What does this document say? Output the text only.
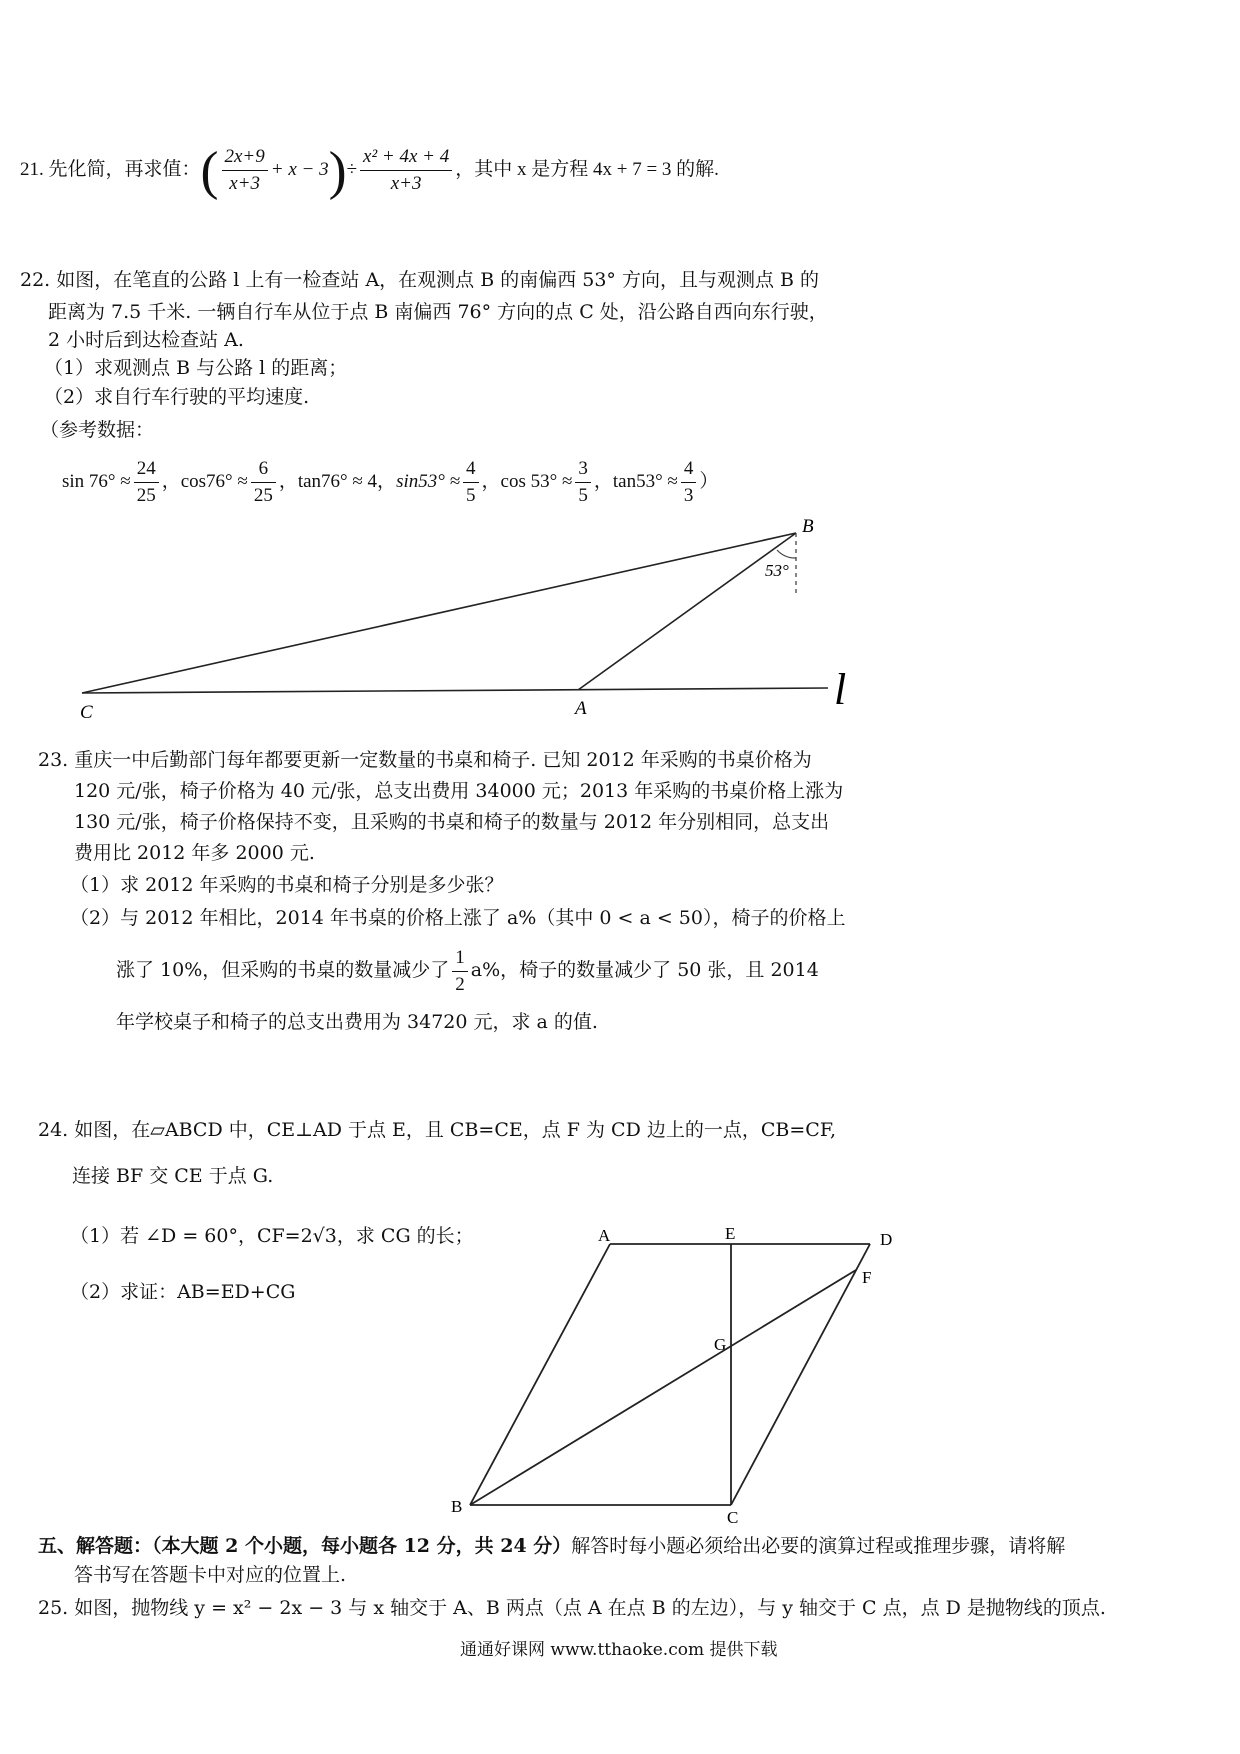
21. 先化简，再求值：( $\frac{2x+9}{x+3} + x - 3)\div \frac{\text{x² + 4x + 4}}{x+3}$ ，其中 x 是方程 4x + 7 = 3 的解.
22. 如图，在笔直的公路 l 上有一检查站 A，在观测点 B 的南偏西 53° 方向，且与观测点 B 的
距离为 7.5 千米. 一辆自行车从位于点 B 南偏西 76° 方向的点 C 处，沿公路自西向东行驶，
2 小时后到达检查站 A.
（1）求观测点 B 与公路 l 的距离；
（2）求自行车行驶的平均速度.
（参考数据：
$\sin 76^\circ \approx \frac{24}{25}$ ，$\cos 76^\circ \approx \frac{6}{25}$ ，tan76° ≈ 4，$\sin 53^\circ \approx \frac{4}{5}$ ，$\cos 53^\circ \approx \frac{3}{5}$ ，$\tan 53^\circ \approx \frac{4}{3}$ ）
B
53°
A
C	l
A	E	D
F
G
B
C
23. 重庆一中后勤部门每年都要更新一定数量的书桌和椅子. 已知 2012 年采购的书桌价格为
120 元/张，椅子价格为 40 元/张，总支出费用 34000 元；2013 年采购的书桌价格上涨为
130 元/张，椅子价格保持不变，且采购的书桌和椅子的数量与 2012 年分别相同，总支出
费用比 2012 年多 2000 元.
（1）求 2012 年采购的书桌和椅子分别是多少张？
（2）与 2012 年相比，2014 年书桌的价格上涨了 a%（其中 0 < a < 50），椅子的价格上
涨了 10%，但采购的书桌的数量减少了 $\frac{1}{2} a\%$，椅子的数量减少了 50 张，且 2014
年学校桌子和椅子的总支出费用为 34720 元，求 a 的值.
24. 如图，在▱ABCD 中，CE⊥AD 于点 E，且 CB=CE，点 F 为 CD 边上的一点，CB=CF,
连接 BF 交 CE 于点 G.
（1）若 ∠D = 60°，CF=2√3，求 CG 的长；
（2）求证：AB=ED+CG
五、解答题：（本大题 2 个小题，每小题各 12 分，共 24 分）解答时每小题必须给出必要的演算过程或推理步骤，请将解
答书写在答题卡中对应的位置上.
25. 如图，抛物线 y = x² − 2x − 3 与 x 轴交于 A、B 两点（点 A 在点 B 的左边），与 y 轴交于 C 点，点 D 是抛物线的顶点.
通通好课网 www.tthaoke.com 提供下载
